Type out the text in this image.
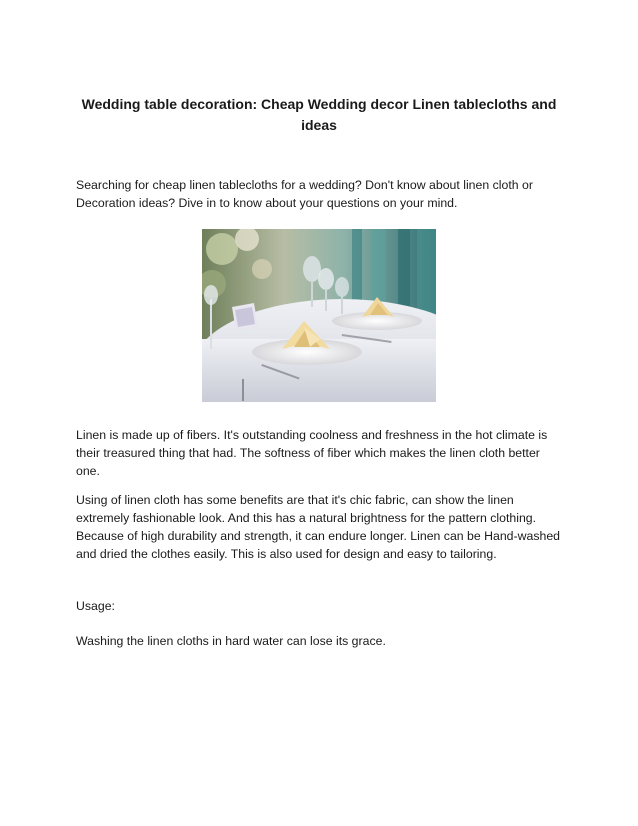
Wedding table decoration: Cheap Wedding decor Linen tablecloths and ideas

Searching for cheap linen tablecloths for a wedding? Don't know about linen cloth or Decoration ideas? Dive in to know about your questions on your mind.

Linen is made up of fibers. It's outstanding coolness and freshness in the hot climate is their treasured thing that had. The softness of fiber which makes the linen cloth better one.

Using of linen cloth has some benefits are that it's chic fabric, can show the linen extremely fashionable look. And this has a natural brightness for the pattern clothing. Because of high durability and strength, it can endure longer. Linen can be Hand-washed and dried the clothes easily. This is also used for design and easy to tailoring.

Usage:

Washing the linen cloths in hard water can lose its grace.
